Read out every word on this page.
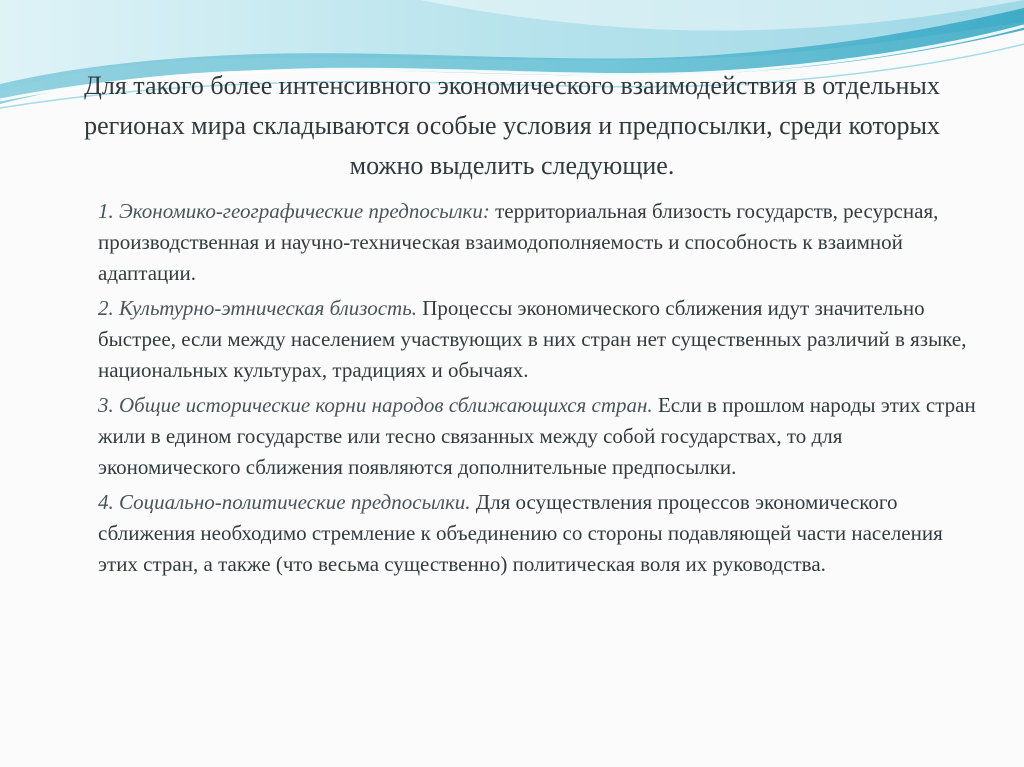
Для такого более интенсивного экономического взаимодействия в отдельных регионах мира складываются особые условия и предпосылки, среди которых можно выделить следующие.
1. Экономико-географические предпосылки: территориальная близость государств, ресурсная, производственная и научно-техническая взаимодополняемость и способность к взаимной адаптации.
2. Культурно-этническая близость. Процессы экономического сближения идут значительно быстрее, если между населением участвующих в них стран нет существенных различий в языке, национальных культурах, традициях и обычаях.
3. Общие исторические корни народов сближающихся стран. Если в прошлом народы этих стран жили в едином государстве или тесно связанных между собой государствах, то для экономического сближения появляются дополнительные предпосылки.
4. Социально-политические предпосылки. Для осуществления процессов экономического сближения необходимо стремление к объединению со стороны подавляющей части населения этих стран, а также (что весьма существенно) политическая воля их руководства.
